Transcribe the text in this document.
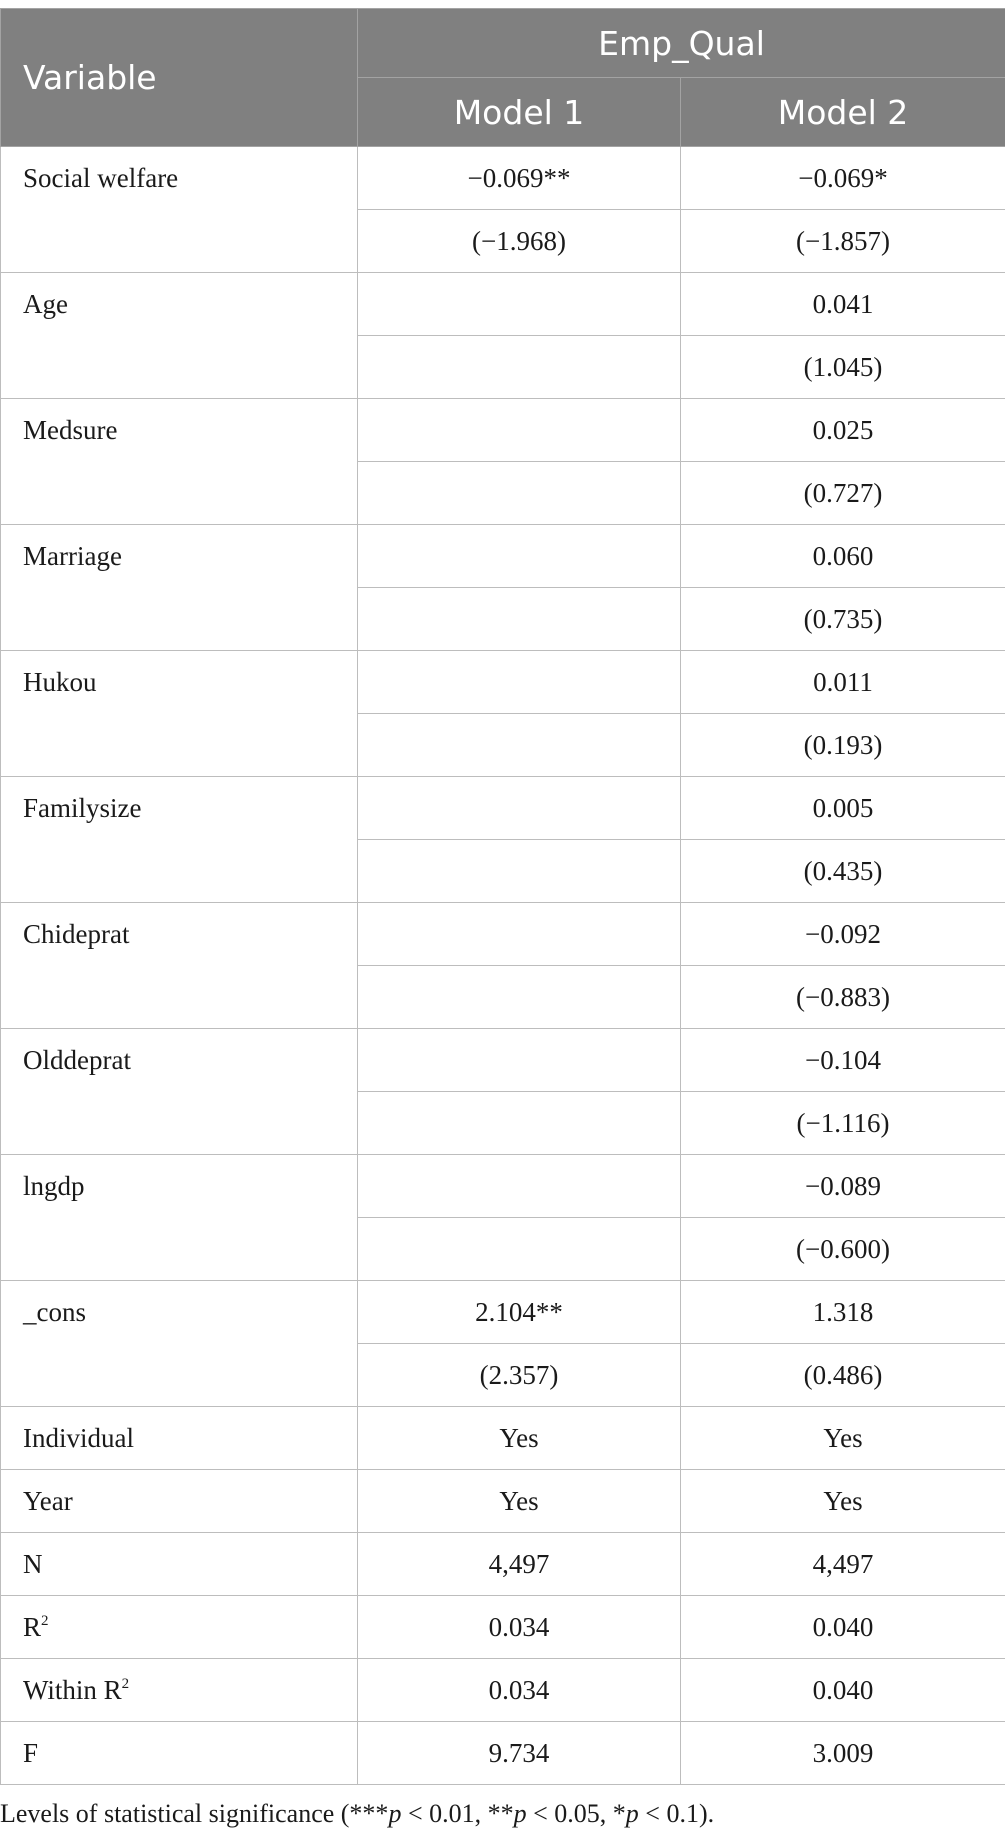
Variable	Emp_Qual	
	Model 1	Model 2
Social welfare	−0.069**	−0.069*
	(−1.968)	(−1.857)
Age		0.041
		(1.045)
Medsure		0.025
		(0.727)
Marriage		0.060
		(0.735)
Hukou		0.011
		(0.193)
Familysize		0.005
		(0.435)
Chideprat		−0.092
		(−0.883)
Olddeprat		−0.104
		(−1.116)
lngdp		−0.089
		(−0.600)
_cons	2.104**	1.318
	(2.357)	(0.486)
Individual	Yes	Yes
Year	Yes	Yes
N	4,497	4,497
$R^2$	0.034	0.040
Within $R^2$	0.034	0.040
F	9.734	3.009
Levels of statistical significance (***p < 0.01, **p < 0.05, *p < 0.1).
